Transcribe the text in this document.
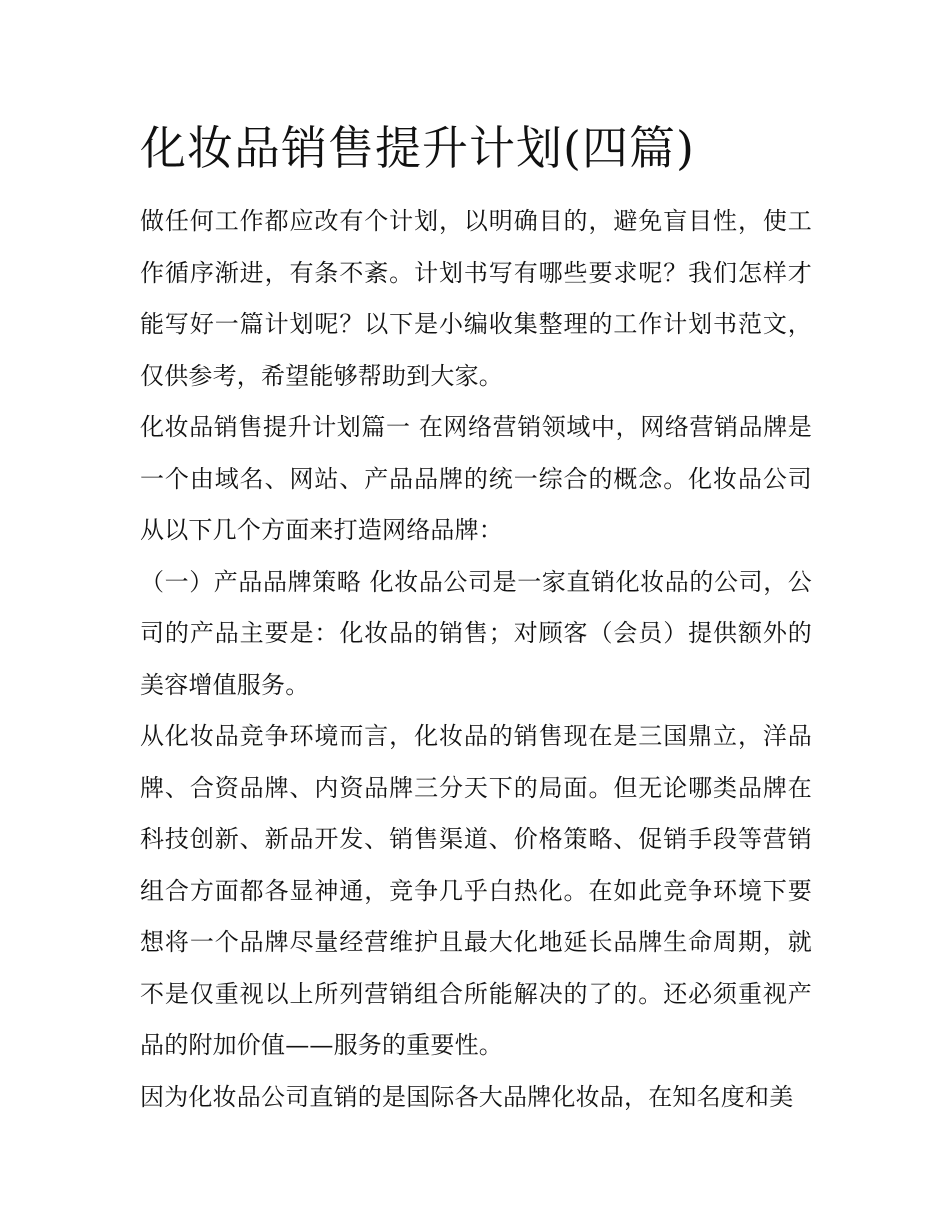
化妆品销售提升计划(四篇)

做任何工作都应改有个计划，以明确目的，避免盲目性，使工作循序渐进，有条不紊。计划书写有哪些要求呢？我们怎样才能写好一篇计划呢？以下是小编收集整理的工作计划书范文，仅供参考，希望能够帮助到大家。

化妆品销售提升计划篇一 在网络营销领域中，网络营销品牌是一个由域名、网站、产品品牌的统一综合的概念。化妆品公司从以下几个方面来打造网络品牌：

（一）产品品牌策略 化妆品公司是一家直销化妆品的公司，公司的产品主要是：化妆品的销售；对顾客（会员）提供额外的美容增值服务。

从化妆品竞争环境而言，化妆品的销售现在是三国鼎立，洋品牌、合资品牌、内资品牌三分天下的局面。但无论哪类品牌在科技创新、新品开发、销售渠道、价格策略、促销手段等营销组合方面都各显神通，竞争几乎白热化。在如此竞争环境下要想将一个品牌尽量经营维护且最大化地延长品牌生命周期，就不是仅重视以上所列营销组合所能解决的了的。还必须重视产品的附加价值——服务的重要性。

因为化妆品公司直销的是国际各大品牌化妆品，在知名度和美
